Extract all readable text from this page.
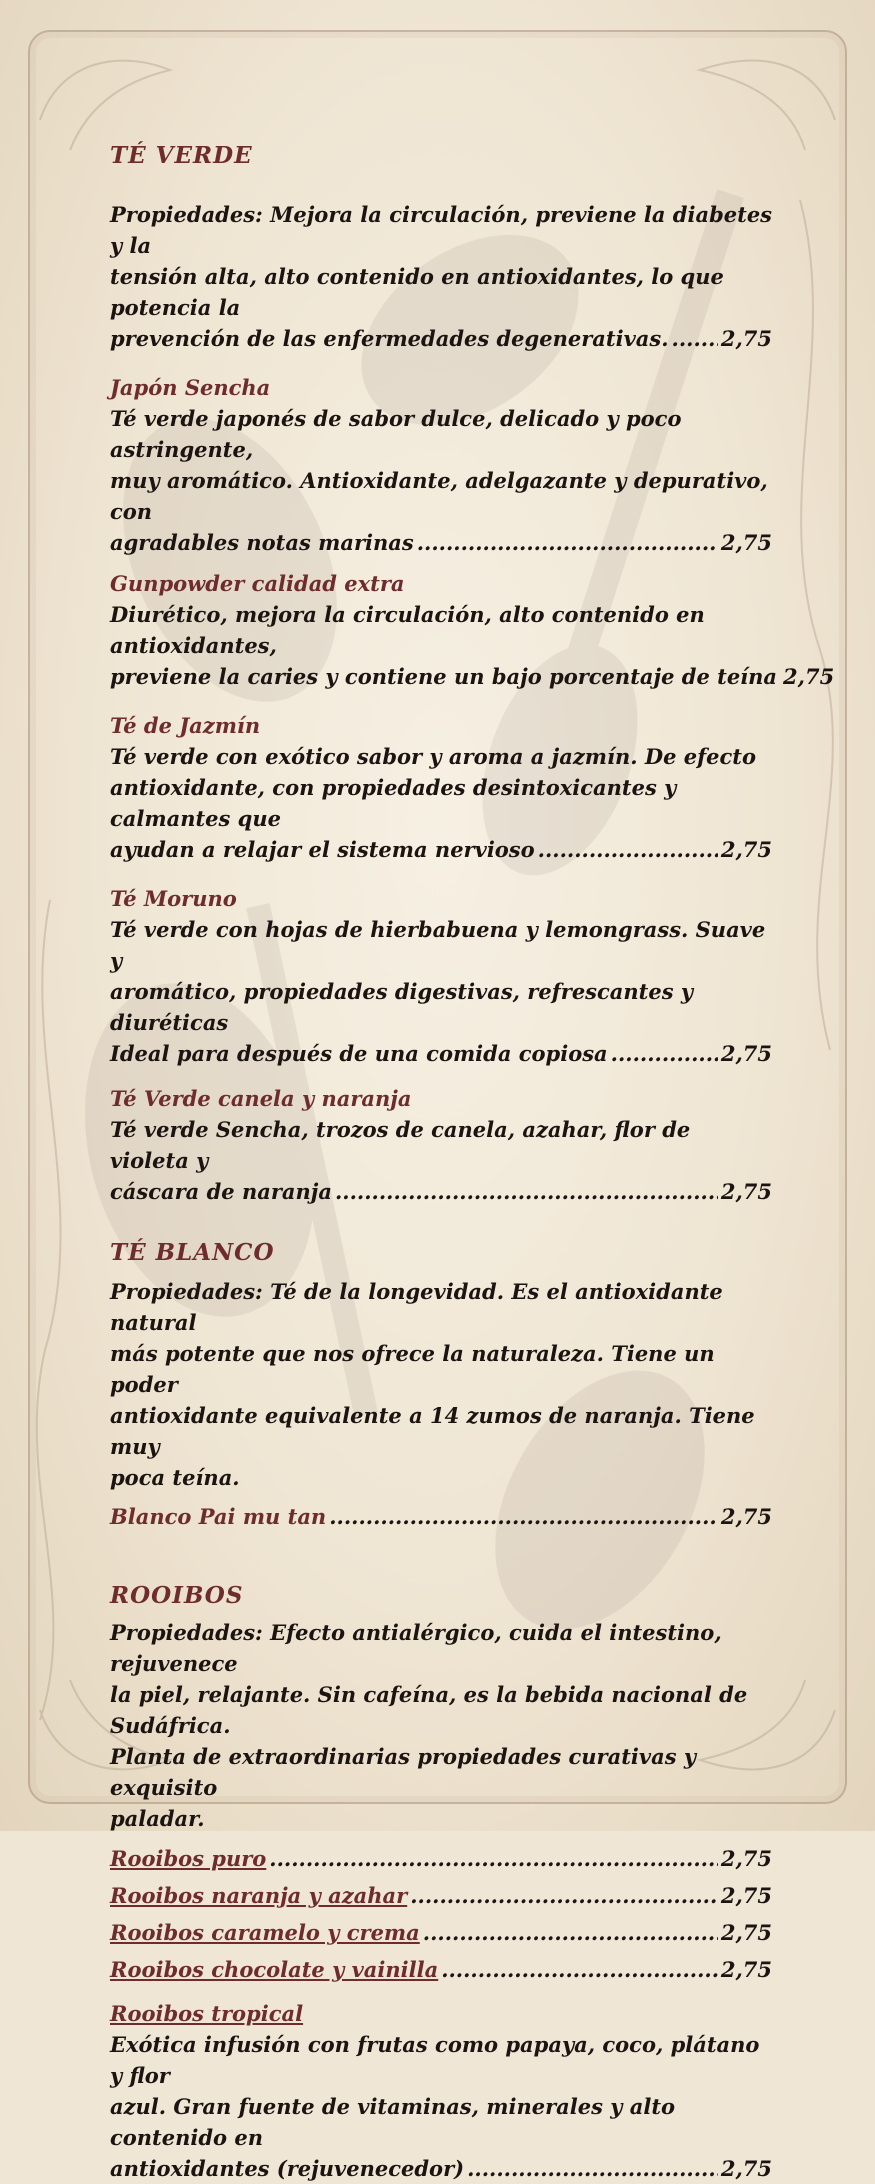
TÉ VERDE

Propiedades: Mejora la circulación, previene la diabetes y la
tensión alta, alto contenido en antioxidantes, lo que potencia la
prevención de las enfermedades degenerativas. ..... 2,75

Japón Sencha

Té verde japonés de sabor dulce, delicado y poco astringente,
muy aromático. Antioxidante, adelgazante y depurativo, con
agradables notas marinas .....	2,75

Gunpowder calidad extra

Diurético, mejora la circulación, alto contenido en antioxidantes,
previene la caries y contiene un bajo porcentaje de teína 2,75

Té de Jazmín

Té verde con exótico sabor y aroma a jazmín. De efecto
antioxidante, con propiedades desintoxicantes y calmantes que
ayudan a relajar el sistema nervioso .....	2,75

Té Moruno

Té verde con hojas de hierbabuena y lemongrass. Suave y
aromático, propiedades digestivas, refrescantes y diuréticas
Ideal para después de una comida copiosa .....	2,75

Té Verde canela y naranja

Té verde Sencha, trozos de canela, azahar, flor de violeta y
cáscara de naranja .....	2,75

TÉ BLANCO

Propiedades: Té de la longevidad. Es el antioxidante natural
más potente que nos ofrece la naturaleza. Tiene un poder
antioxidante equivalente a 14 zumos de naranja. Tiene muy
poca teína.
Blanco Pai mu tan .....	2,75

ROOIBOS

Propiedades: Efecto antialérgico, cuida el intestino, rejuvenece
la piel, relajante. Sin cafeína, es la bebida nacional de Sudáfrica.
Planta de extraordinarias propiedades curativas y exquisito
paladar.
Rooibos puro .....	2,75
Rooibos naranja y azahar .....	2,75
Rooibos caramelo y crema .....	2,75
Rooibos chocolate y vainilla .....	2,75

Rooibos tropical

Exótica infusión con frutas como papaya, coco, plátano y flor
azul. Gran fuente de vitaminas, minerales y alto contenido en
antioxidantes (rejuvenecedor) .....	2,75
